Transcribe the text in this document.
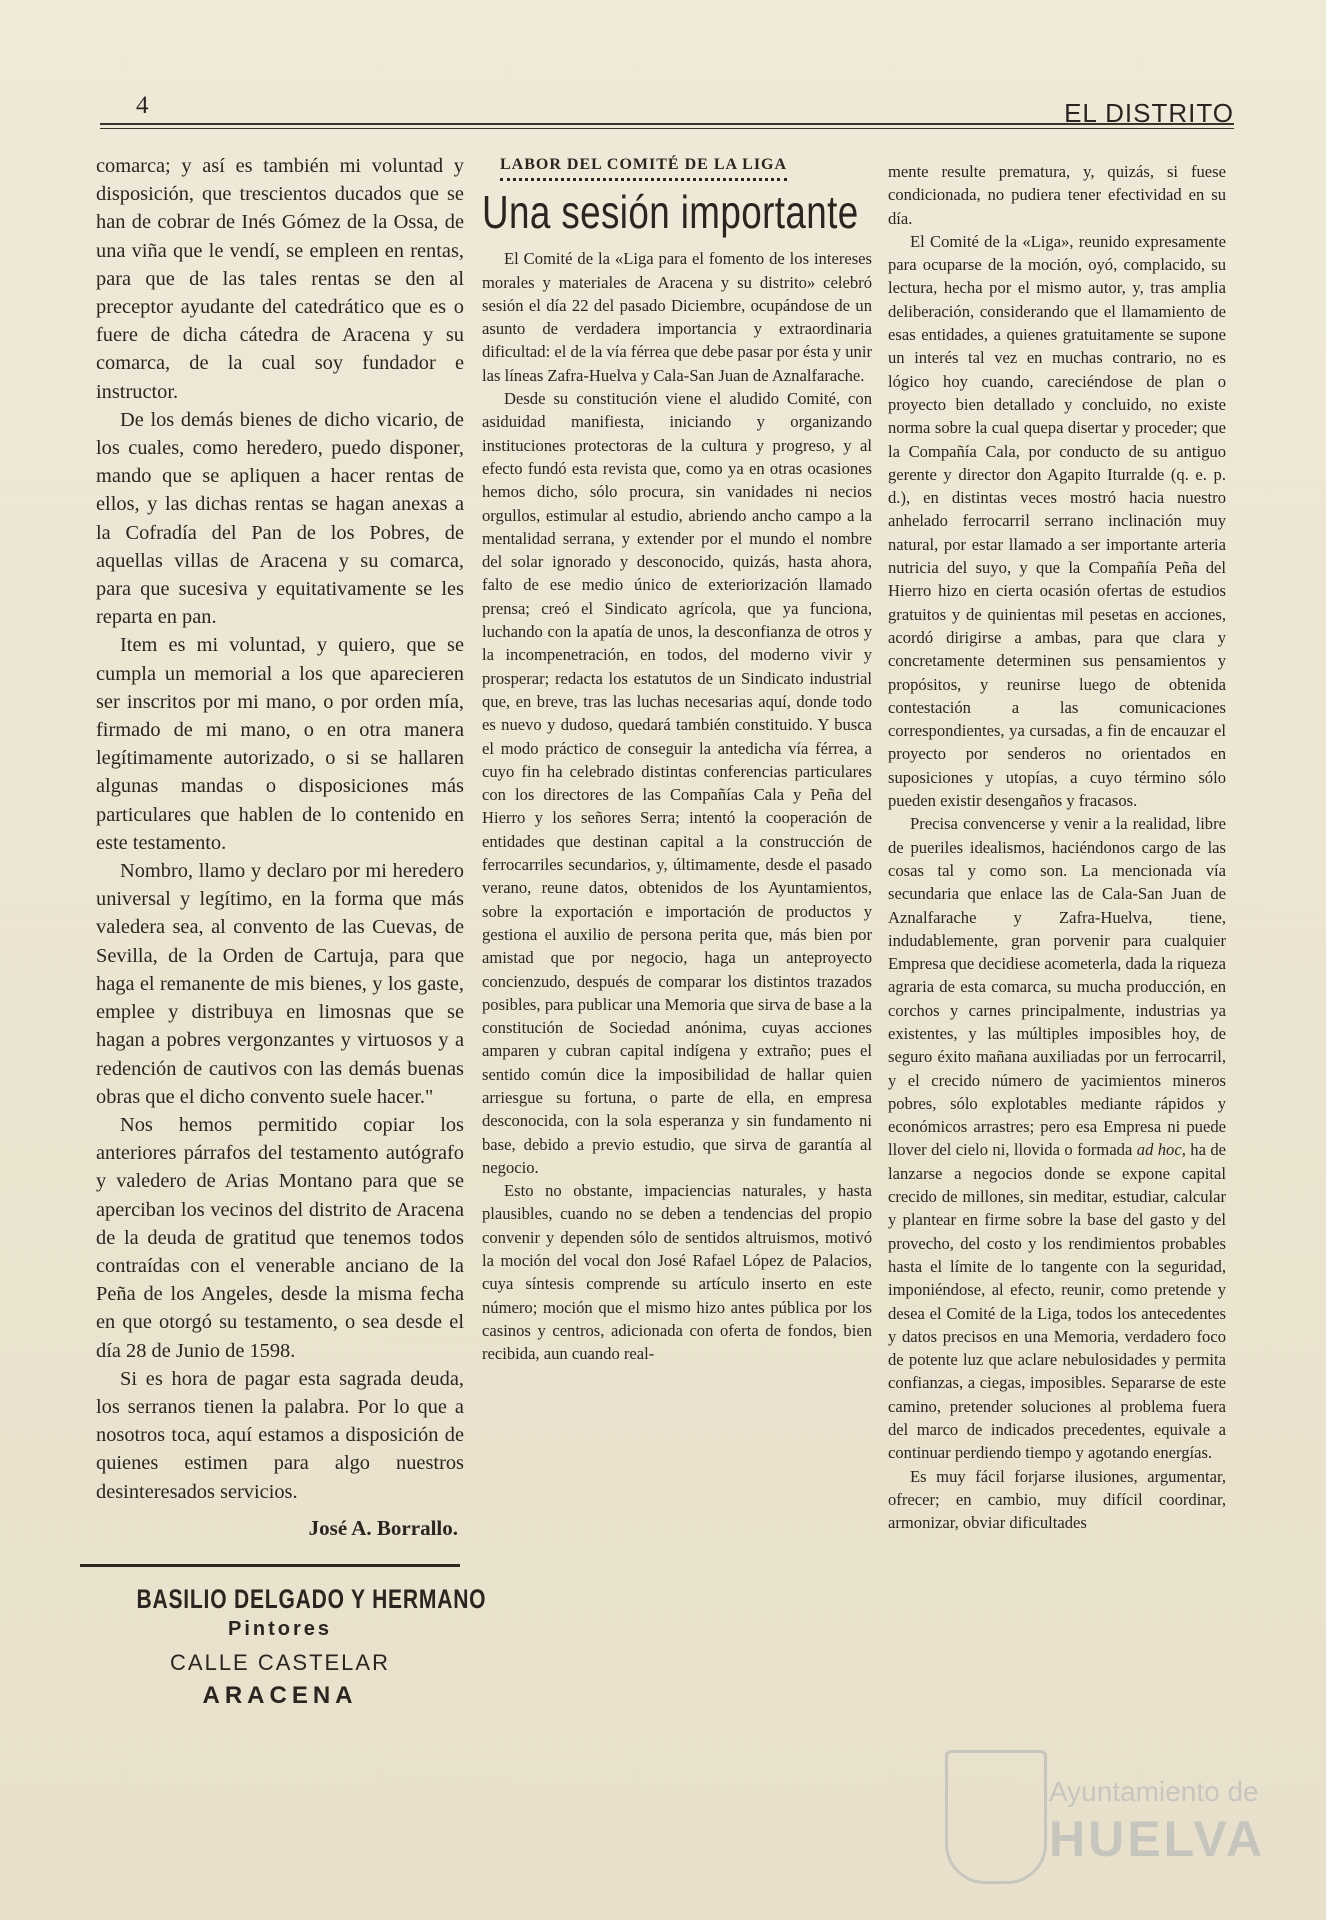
4	EL DISTRITO

comarca; y así es también mi voluntad y disposición, que trescientos ducados que se han de cobrar de Inés Gómez de la Ossa, de una viña que le vendí, se empleen en rentas, para que de las tales rentas se den al preceptor ayudante del catedrático que es o fuere de dicha cátedra de Aracena y su comarca, de la cual soy fundador e instructor.

De los demás bienes de dicho vicario, de los cuales, como heredero, puedo disponer, mando que se apliquen a hacer rentas de ellos, y las dichas rentas se hagan anexas a la Cofradía del Pan de los Pobres, de aquellas villas de Aracena y su comarca, para que sucesiva y equitativamente se les reparta en pan.

Item es mi voluntad, y quiero, que se cumpla un memorial a los que aparecieren ser inscritos por mi mano, o por orden mía, firmado de mi mano, o en otra manera legítimamente autorizado, o si se hallaren algunas mandas o disposiciones más particulares que hablen de lo contenido en este testamento.

Nombro, llamo y declaro por mi heredero universal y legítimo, en la forma que más valedera sea, al convento de las Cuevas, de Sevilla, de la Orden de Cartuja, para que haga el remanente de mis bienes, y los gaste, emplee y distribuya en limosnas que se hagan a pobres vergonzantes y virtuosos y a redención de cautivos con las demás buenas obras que el dicho convento suele hacer."

Nos hemos permitido copiar los anteriores párrafos del testamento autógrafo y valedero de Arias Montano para que se aperciban los vecinos del distrito de Aracena de la deuda de gratitud que tenemos todos contraídas con el venerable anciano de la Peña de los Angeles, desde la misma fecha en que otorgó su testamento, o sea desde el día 28 de Junio de 1598.

Si es hora de pagar esta sagrada deuda, los serranos tienen la palabra. Por lo que a nosotros toca, aquí estamos a disposición de quienes estimen para algo nuestros desinteresados servicios.

José A. Borrallo.
BASILIO DELGADO Y HERMANO
Pintores
CALLE CASTELAR
ARACENA
LABOR DEL COMITÉ DE LA LIGA
Una sesión importante

El Comité de la «Liga para el fomento de los intereses morales y materiales de Aracena y su distrito» celebró sesión el día 22 del pasado Diciembre, ocupándose de un asunto de verdadera importancia y extraordinaria dificultad: el de la vía férrea que debe pasar por ésta y unir las líneas Zafra-Huelva y Cala-San Juan de Aznalfarache.

Desde su constitución viene el aludido Comité, con asiduidad manifiesta, iniciando y organizando instituciones protectoras de la cultura y progreso, y al efecto fundó esta revista que, como ya en otras ocasiones hemos dicho, sólo procura, sin vanidades ni necios orgullos, estimular al estudio, abriendo ancho campo a la mentalidad serrana, y extender por el mundo el nombre del solar ignorado y desconocido, quizás, hasta ahora, falto de ese medio único de exteriorización llamado prensa; creó el Sindicato agrícola, que ya funciona, luchando con la apatía de unos, la desconfianza de otros y la incompenetración, en todos, del moderno vivir y prosperar; redacta los estatutos de un Sindicato industrial que, en breve, tras las luchas necesarias aquí, donde todo es nuevo y dudoso, quedará también constituido. Y busca el modo práctico de conseguir la antedicha vía férrea, a cuyo fin ha celebrado distintas conferencias particulares con los directores de las Compañías Cala y Peña del Hierro y los señores Serra; intentó la cooperación de entidades que destinan capital a la construcción de ferrocarriles secundarios, y, últimamente, desde el pasado verano, reune datos, obtenidos de los Ayuntamientos, sobre la exportación e importación de productos y gestiona el auxilio de persona perita que, más bien por amistad que por negocio, haga un anteproyecto concienzudo, después de comparar los distintos trazados posibles, para publicar una Memoria que sirva de base a la constitución de Sociedad anónima, cuyas acciones amparen y cubran capital indígena y extraño; pues el sentido común dice la imposibilidad de hallar quien arriesgue su fortuna, o parte de ella, en empresa desconocida, con la sola esperanza y sin fundamento ni base, debido a previo estudio, que sirva de garantía al negocio.

Esto no obstante, impaciencias naturales, y hasta plausibles, cuando no se deben a tendencias del propio convenir y dependen sólo de sentidos altruismos, motivó la moción del vocal don José Rafael López de Palacios, cuya síntesis comprende su artículo inserto en este número; moción que el mismo hizo antes pública por los casinos y centros, adicionada con oferta de fondos, bien recibida, aun cuando real-

mente resulte prematura, y, quizás, si fuese condicionada, no pudiera tener efectividad en su día.

El Comité de la «Liga», reunido expresamente para ocuparse de la moción, oyó, complacido, su lectura, hecha por el mismo autor, y, tras amplia deliberación, considerando que el llamamiento de esas entidades, a quienes gratuitamente se supone un interés tal vez en muchas contrario, no es lógico hoy cuando, careciéndose de plan o proyecto bien detallado y concluido, no existe norma sobre la cual quepa disertar y proceder; que la Compañía Cala, por conducto de su antiguo gerente y director don Agapito Iturralde (q. e. p. d.), en distintas veces mostró hacia nuestro anhelado ferrocarril serrano inclinación muy natural, por estar llamado a ser importante arteria nutricia del suyo, y que la Compañía Peña del Hierro hizo en cierta ocasión ofertas de estudios gratuitos y de quinientas mil pesetas en acciones, acordó dirigirse a ambas, para que clara y concretamente determinen sus pensamientos y propósitos, y reunirse luego de obtenida contestación a las comunicaciones correspondientes, ya cursadas, a fin de encauzar el proyecto por senderos no orientados en suposiciones y utopías, a cuyo término sólo pueden existir desengaños y fracasos.

Precisa convencerse y venir a la realidad, libre de pueriles idealismos, haciéndonos cargo de las cosas tal y como son. La mencionada vía secundaria que enlace las de Cala-San Juan de Aznalfarache y Zafra-Huelva, tiene, indudablemente, gran porvenir para cualquier Empresa que decidiese acometerla, dada la riqueza agraria de esta comarca, su mucha producción, en corchos y carnes principalmente, industrias ya existentes, y las múltiples imposibles hoy, de seguro éxito mañana auxiliadas por un ferrocarril, y el crecido número de yacimientos mineros pobres, sólo explotables mediante rápidos y económicos arrastres; pero esa Empresa ni puede llover del cielo ni, llovida o formada ad hoc, ha de lanzarse a negocios donde se expone capital crecido de millones, sin meditar, estudiar, calcular y plantear en firme sobre la base del gasto y del provecho, del costo y los rendimientos probables hasta el límite de lo tangente con la seguridad, imponiéndose, al efecto, reunir, como pretende y desea el Comité de la Liga, todos los antecedentes y datos precisos en una Memoria, verdadero foco de potente luz que aclare nebulosidades y permita confianzas, a ciegas, imposibles. Separarse de este camino, pretender soluciones al problema fuera del marco de indicados precedentes, equivale a continuar perdiendo tiempo y agotando energías.

Es muy fácil forjarse ilusiones, argumentar, ofrecer; en cambio, muy difícil coordinar, armonizar, obviar dificultades

Ayuntamiento de
HUELVA
